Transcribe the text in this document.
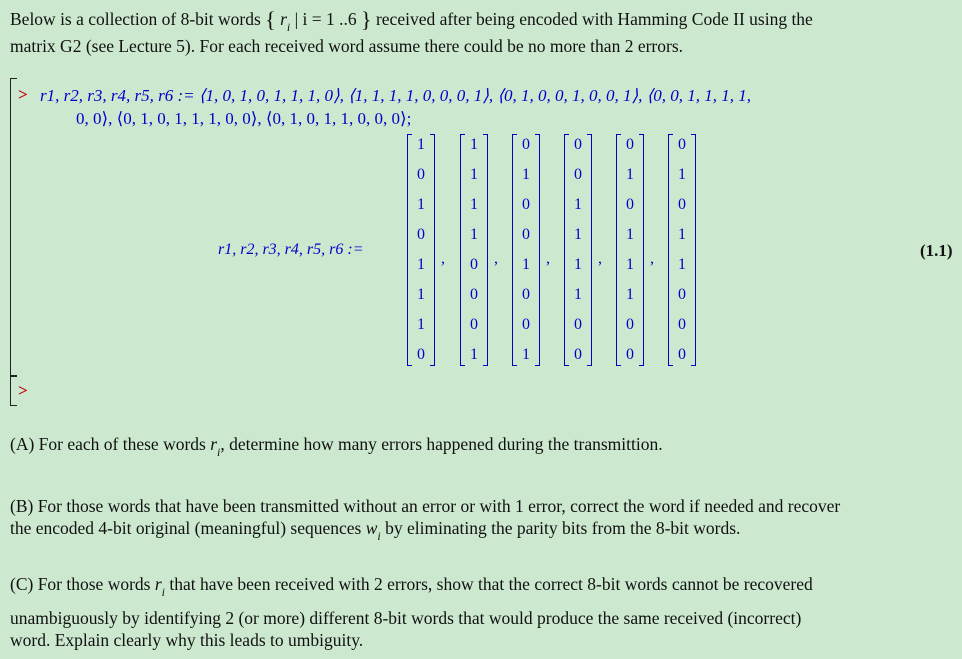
Below is a collection of 8-bit words { $r_i$ | i = 1 ..6 } received after being encoded with Hamming Code II using the
matrix G2 (see Lecture 5). For each received word assume there could be no more than 2 errors.
> r1, r2, r3, r4, r5, r6 := ⟨1, 0, 1, 0, 1, 1, 1, 0⟩, ⟨1, 1, 1, 1, 0, 0, 0, 1⟩, ⟨0, 1, 0, 0, 1, 0, 0, 1⟩, ⟨0, 0, 1, 1, 1, 1,
0, 0⟩, ⟨0, 1, 0, 1, 1, 1, 0, 0⟩, ⟨0, 1, 0, 1, 1, 0, 0, 0⟩;
r1, r2, r3, r4, r5, r6 :=
1
0
1
0
1
1
1
0
,
1
1
1
1
0
0
0
1
,
0
1
0
0
1
0
0
1
,
0
0
1
1
1
1
0
0
,
0
1
0
1
1
1
0
0
,
0
1
0
1
1
0
0
0
(1.1)
>
(A) For each of these words $r_i$, determine how many errors happened during the transmittion.
(B) For those words that have been transmitted without an error or with 1 error, correct the word if needed and recover
the encoded 4-bit original (meaningful) sequences $w_i$ by eliminating the parity bits from the 8-bit words.
(C) For those words $r_i$ that have been received with 2 errors, show that the correct 8-bit words cannot be recovered
unambiguously by identifying 2 (or more) different 8-bit words that would produce the same received (incorrect)
word. Explain clearly why this leads to umbiguity.
